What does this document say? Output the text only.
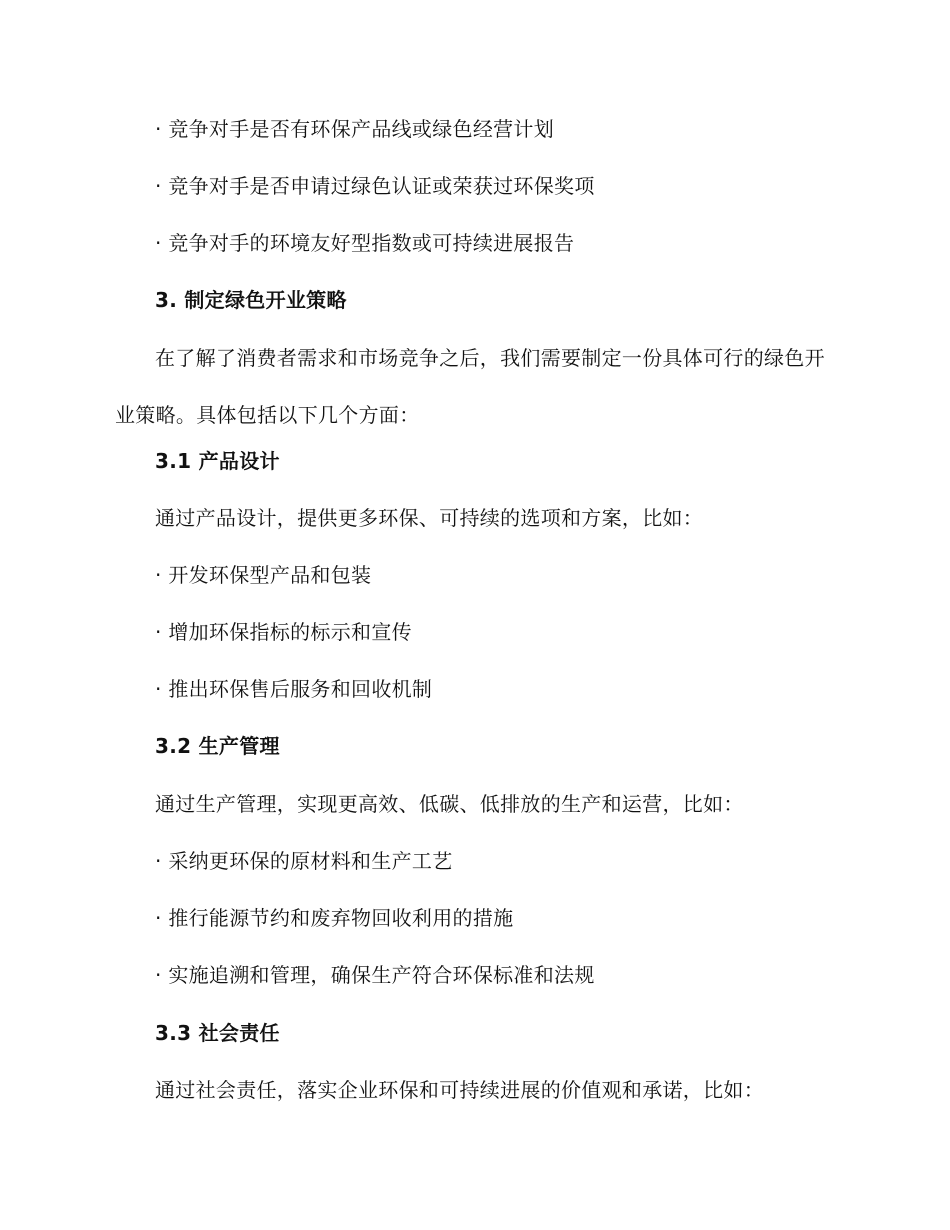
· 竞争对手是否有环保产品线或绿色经营计划
· 竞争对手是否申请过绿色认证或荣获过环保奖项
· 竞争对手的环境友好型指数或可持续进展报告
3. 制定绿色开业策略
在了解了消费者需求和市场竞争之后，我们需要制定一份具体可行的绿色开业策略。具体包括以下几个方面：
3.1 产品设计
通过产品设计，提供更多环保、可持续的选项和方案，比如：
· 开发环保型产品和包装
· 增加环保指标的标示和宣传
· 推出环保售后服务和回收机制
3.2 生产管理
通过生产管理，实现更高效、低碳、低排放的生产和运营，比如：
· 采纳更环保的原材料和生产工艺
· 推行能源节约和废弃物回收利用的措施
· 实施追溯和管理，确保生产符合环保标准和法规
3.3 社会责任
通过社会责任，落实企业环保和可持续进展的价值观和承诺，比如：
